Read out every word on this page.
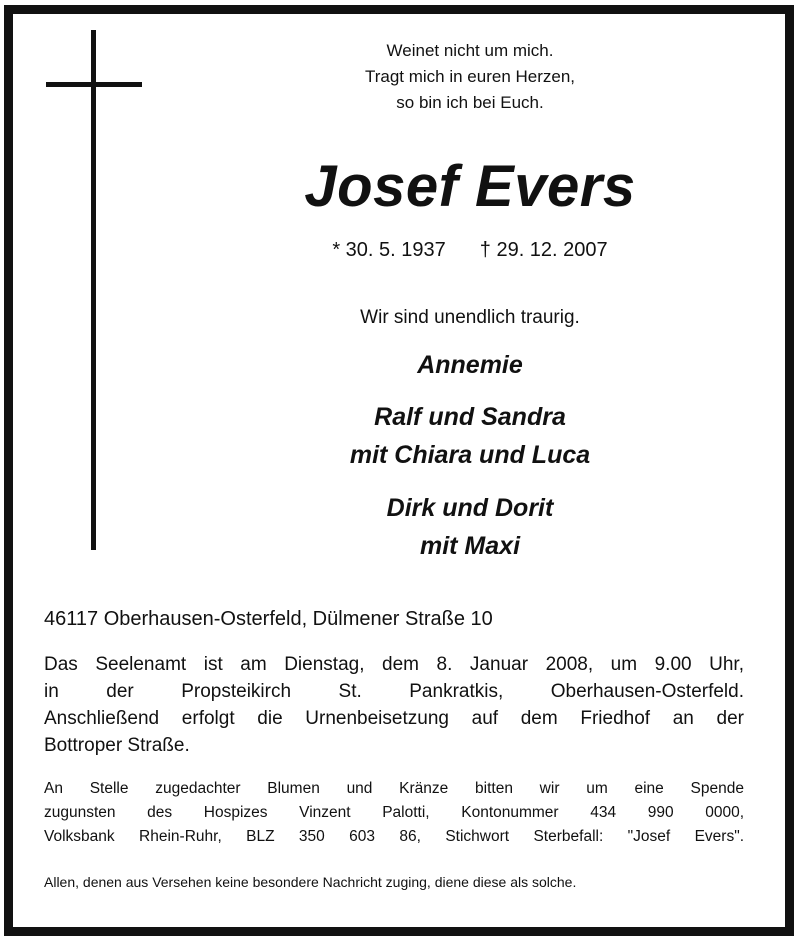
Weinet nicht um mich.
Tragt mich in euren Herzen,
so bin ich bei Euch.
Josef Evers
* 30. 5. 1937 † 29. 12. 2007
Wir sind unendlich traurig.
Annemie
Ralf und Sandra
mit Chiara und Luca
Dirk und Dorit
mit Maxi
46117 Oberhausen-Osterfeld, Dülmener Straße 10
Das Seelenamt ist am Dienstag, dem 8. Januar 2008, um 9.00 Uhr,
in der Propsteikirch St. Pankratkis, Oberhausen-Osterfeld.
Anschließend erfolgt die Urnenbeisetzung auf dem Friedhof an der
Bottroper Straße.
An Stelle zugedachter Blumen und Kränze bitten wir um eine Spende
zugunsten des Hospizes Vinzent Palotti, Kontonummer 434 990 0000,
Volksbank Rhein-Ruhr, BLZ 350 603 86, Stichwort Sterbefall: "Josef Evers".
Allen, denen aus Versehen keine besondere Nachricht zuging, diene diese als solche.
